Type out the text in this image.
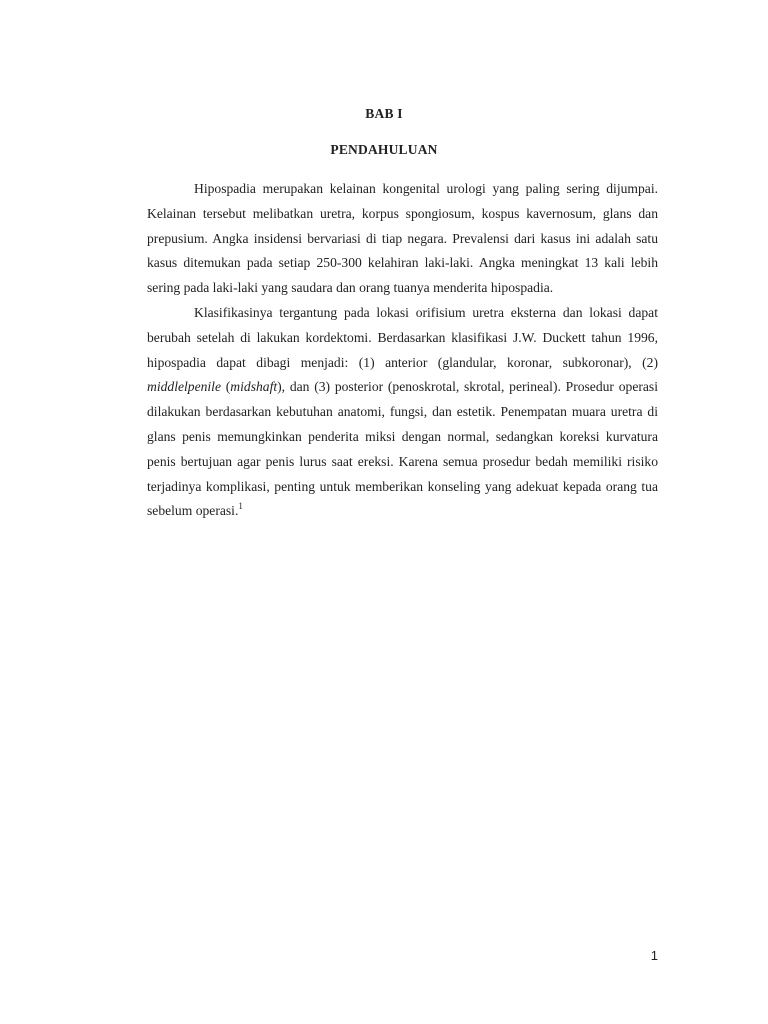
BAB I
PENDAHULUAN

Hipospadia merupakan kelainan kongenital urologi yang paling sering dijumpai. Kelainan tersebut melibatkan uretra, korpus spongiosum, kospus kavernosum, glans dan prepusium. Angka insidensi bervariasi di tiap negara. Prevalensi dari kasus ini adalah satu kasus ditemukan pada setiap 250-300 kelahiran laki-laki. Angka meningkat 13 kali lebih sering pada laki-laki yang saudara dan orang tuanya menderita hipospadia.

Klasifikasinya tergantung pada lokasi orifisium uretra eksterna dan lokasi dapat berubah setelah di lakukan kordektomi. Berdasarkan klasifikasi J.W. Duckett tahun 1996, hipospadia dapat dibagi menjadi: (1) anterior (glandular, koronar, subkoronar), (2) middlelpenile (midshaft), dan (3) posterior (penoskrotal, skrotal, perineal). Prosedur operasi dilakukan berdasarkan kebutuhan anatomi, fungsi, dan estetik. Penempatan muara uretra di glans penis memungkinkan penderita miksi dengan normal, sedangkan koreksi kurvatura penis bertujuan agar penis lurus saat ereksi. Karena semua prosedur bedah memiliki risiko terjadinya komplikasi, penting untuk memberikan konseling yang adekuat kepada orang tua sebelum operasi.$^1$

1
